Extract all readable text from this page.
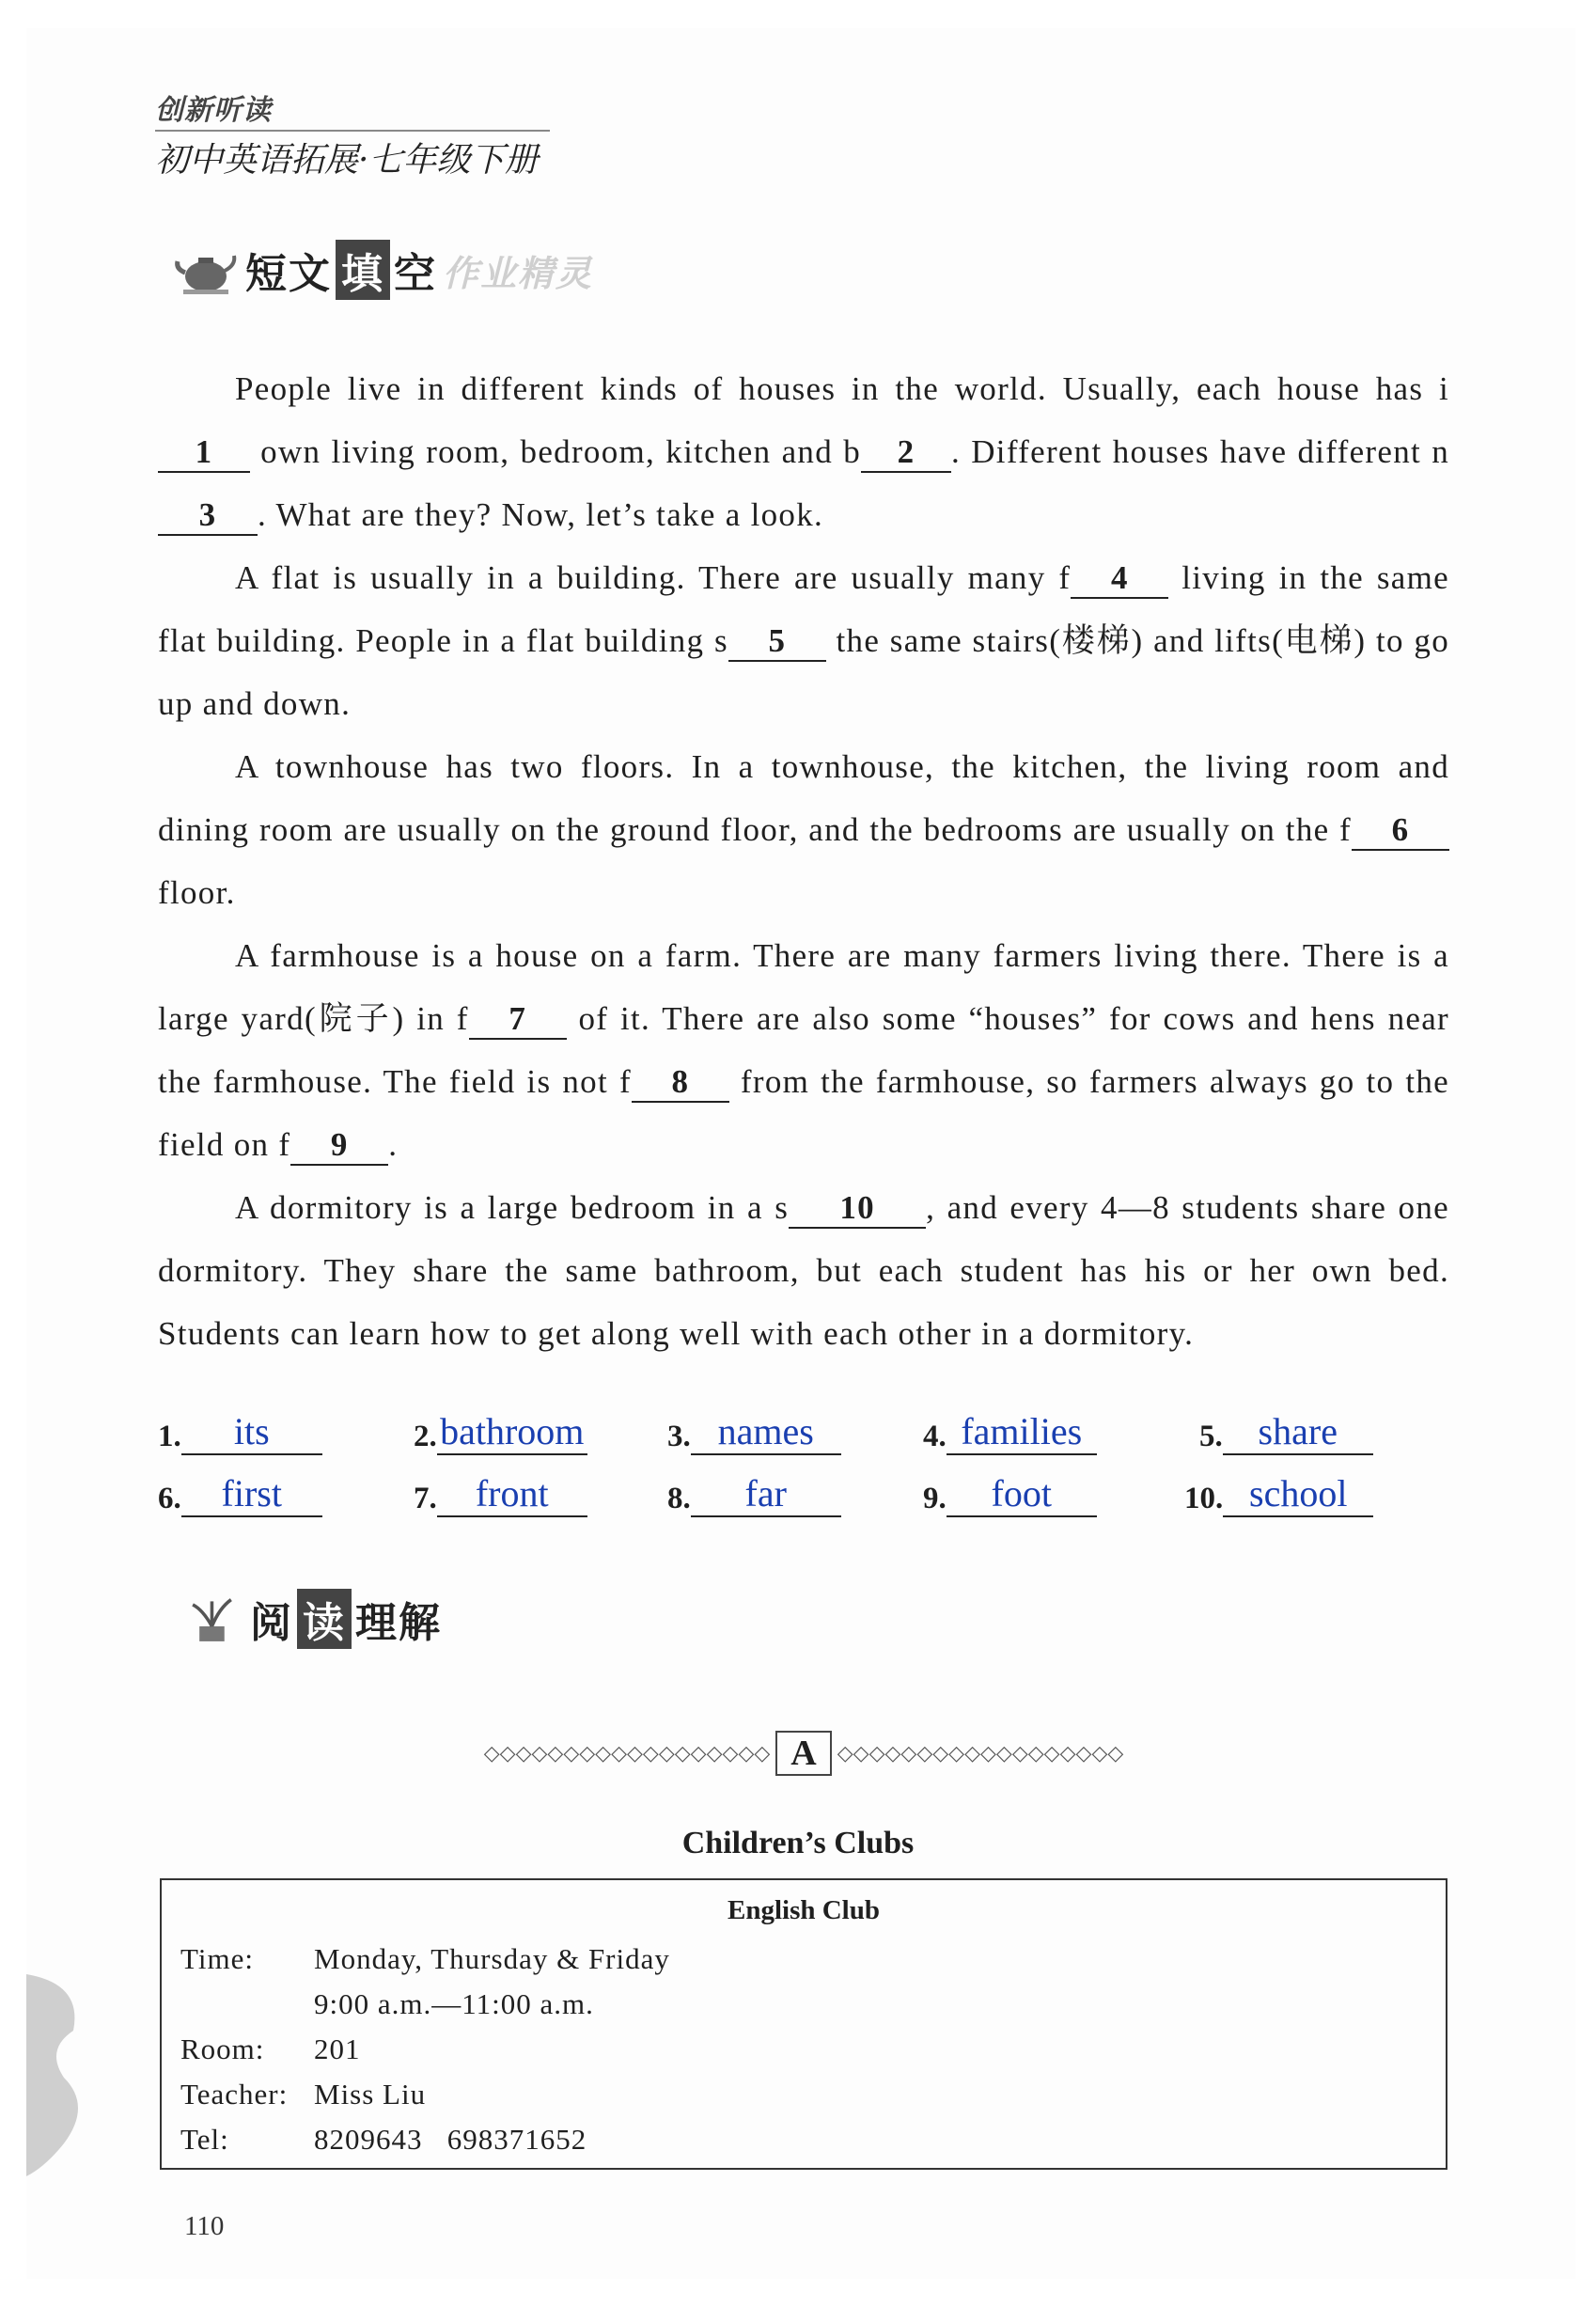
创新听读
初中英语拓展·七年级下册
短文 填 空 作业精灵

People live in different kinds of houses in the world. Usually, each house has i1 own living room, bedroom, kitchen and b 2 . Different houses have different n3 . What are they? Now, let’s take a look.

A flat is usually in a building. There are usually many f 4 living in the same flat building. People in a flat building s 5 the same stairs(楼梯) and lifts(电梯) to go up and down.

A townhouse has two floors. In a townhouse, the kitchen, the living room and dining room are usually on the ground floor, and the bedrooms are usually on the f 6 floor.

A farmhouse is a house on a farm. There are many farmers living there. There is a large yard(院子) in f 7 of it. There are also some “houses” for cows and hens near the farmhouse. The field is not f 8 from the farmhouse, so farmers always go to the field on f 9 .

A dormitory is a large bedroom in a s 10 , and every 4—8 students share one dormitory. They share the same bathroom, but each student has his or her own bed. Students can learn how to get along well with each other in a dormitory.

1.	its	2. bathroom	3. names	4. families	5. share
6.	first	7.	front	8.	far	9.	foot	10. school
阅 读 理解
◇◇◇◇◇◇◇◇◇◇◇◇◇◇◇◇◇◇ A	◇◇◇◇◇◇◇◇◇◇◇◇◇◇◇◇◇◇
Children’s Clubs
English Club
Time:	Monday, Thursday & Friday
9:00 a.m.—11:00 a.m.
Room:	201
Teacher: Miss Liu
Tel:	8209643   698371652
110
